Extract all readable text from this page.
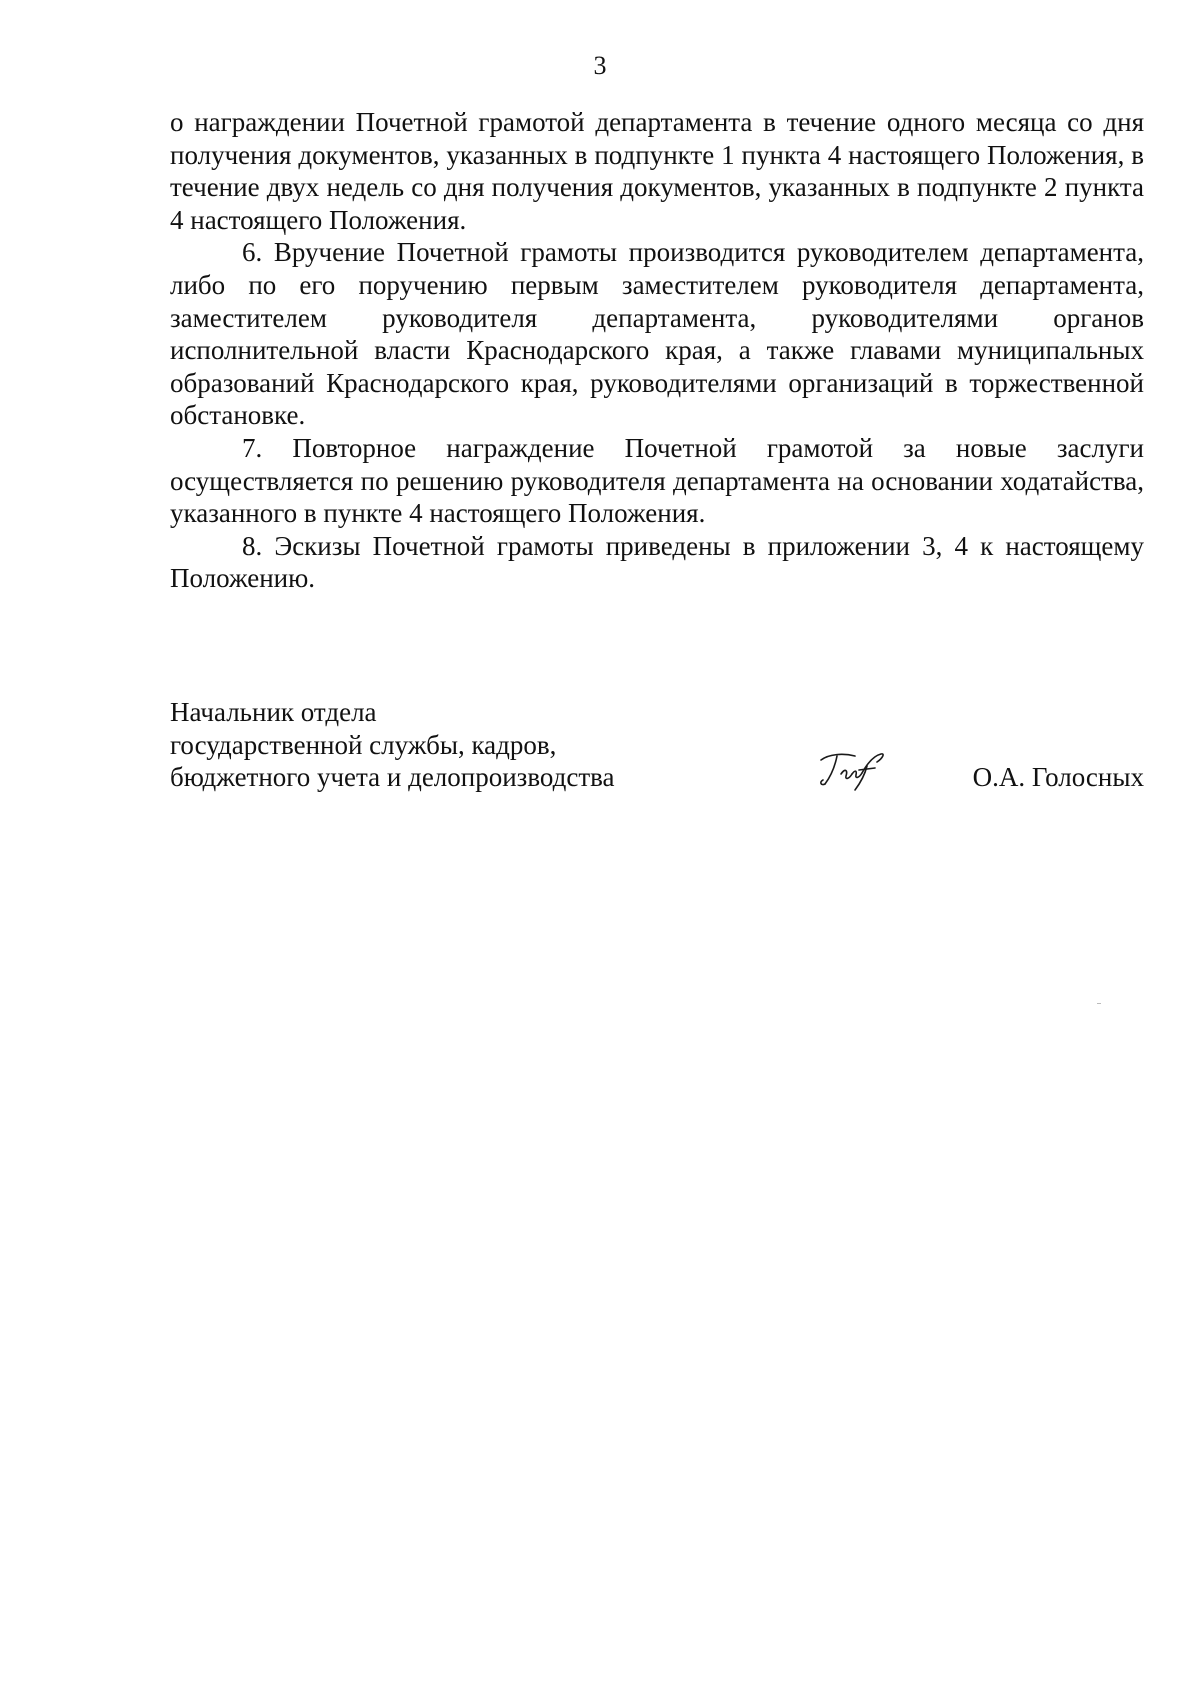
3

о награждении Почетной грамотой департамента в течение одного месяца со дня получения документов, указанных в подпункте 1 пункта 4 настоящего Положения, в течение двух недель со дня получения документов, указанных в подпункте 2 пункта 4 настоящего Положения.

6. Вручение Почетной грамоты производится руководителем департамента, либо по его поручению первым заместителем руководителя департамента, заместителем руководителя департамента, руководителями органов исполнительной власти Краснодарского края, а также главами муниципальных образований Краснодарского края, руководителями организаций в торжественной обстановке.

7. Повторное награждение Почетной грамотой за новые заслуги осуществляется по решению руководителя департамента на основании ходатайства, указанного в пункте 4 настоящего Положения.

8. Эскизы Почетной грамоты приведены в приложении 3, 4 к настоящему Положению.

Начальник отдела
государственной службы, кадров,
бюджетного учета и делопроизводства	О.А. Голосных
